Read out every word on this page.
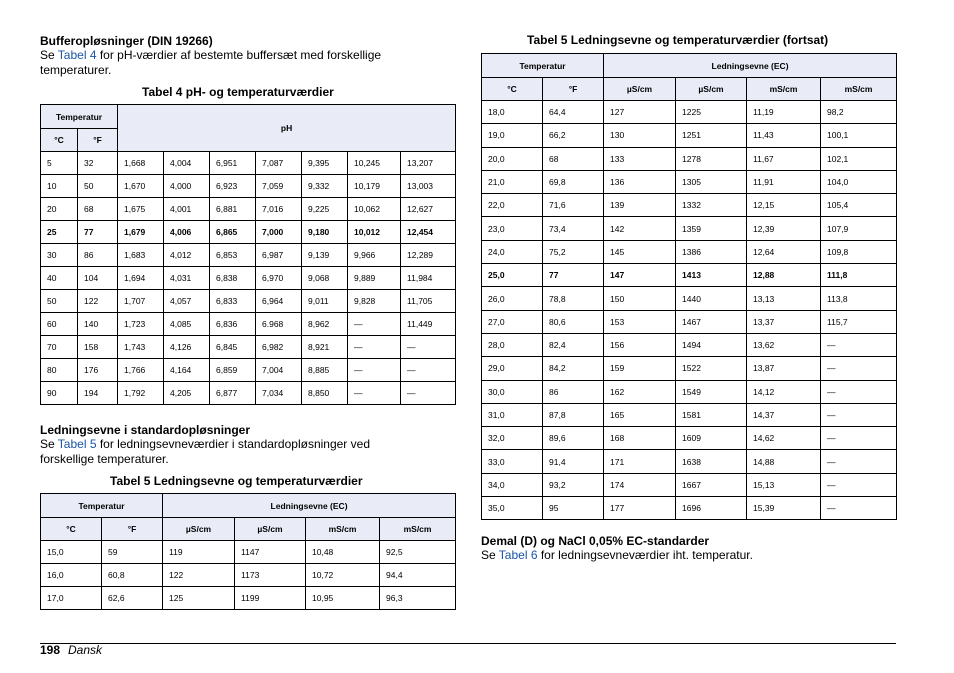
Bufferopløsninger (DIN 19266)
Se Tabel 4 for pH-værdier af bestemte buffersæt med forskellige temperaturer.
Tabel 4 pH- og temperaturværdier
Temperatur		pH						
°C	°F							
5	32	1,668	4,004	6,951	7,087	9,395	10,245	13,207
10	50	1,670	4,000	6,923	7,059	9,332	10,179	13,003
20	68	1,675	4,001	6,881	7,016	9,225	10,062	12,627
25	77	1,679	4,006	6,865	7,000	9,180	10,012	12,454
30	86	1,683	4,012	6,853	6,987	9,139	9,966	12,289
40	104	1,694	4,031	6,838	6,970	9,068	9,889	11,984
50	122	1,707	4,057	6,833	6,964	9,011	9,828	11,705
60	140	1,723	4,085	6,836	6.968	8,962	—	11,449
70	158	1,743	4,126	6,845	6,982	8,921	—	—
80	176	1,766	4,164	6,859	7,004	8,885	—	—
90	194	1,792	4,205	6,877	7,034	8,850	—	—
Ledningsevne i standardopløsninger
Se Tabel 5 for ledningsevneværdier i standardopløsninger ved forskellige temperaturer.
Tabel 5 Ledningsevne og temperaturværdier
Temperatur		Ledningsevne (EC)			
°C	°F	µS/cm	µS/cm	mS/cm	mS/cm
15,0	59	119	1147	10,48	92,5
16,0	60,8	122	1173	10,72	94,4
17,0	62,6	125	1199	10,95	96,3
Tabel 5 Ledningsevne og temperaturværdier (fortsat)
Temperatur		Ledningsevne (EC)			
°C	°F	µS/cm	µS/cm	mS/cm	mS/cm
18,0	64,4	127	1225	11,19	98,2
19,0	66,2	130	1251	11,43	100,1
20,0	68	133	1278	11,67	102,1
21,0	69,8	136	1305	11,91	104,0
22,0	71,6	139	1332	12,15	105,4
23,0	73,4	142	1359	12,39	107,9
24,0	75,2	145	1386	12,64	109,8
25,0	77	147	1413	12,88	111,8
26,0	78,8	150	1440	13,13	113,8
27,0	80,6	153	1467	13,37	115,7
28,0	82,4	156	1494	13,62	—
29,0	84,2	159	1522	13,87	—
30,0	86	162	1549	14,12	—
31,0	87,8	165	1581	14,37	—
32,0	89,6	168	1609	14,62	—
33,0	91,4	171	1638	14,88	—
34,0	93,2	174	1667	15,13	—
35,0	95	177	1696	15,39	—
Demal (D) og NaCl 0,05% EC-standarder
Se Tabel 6 for ledningsevneværdier iht. temperatur.
198 Dansk
